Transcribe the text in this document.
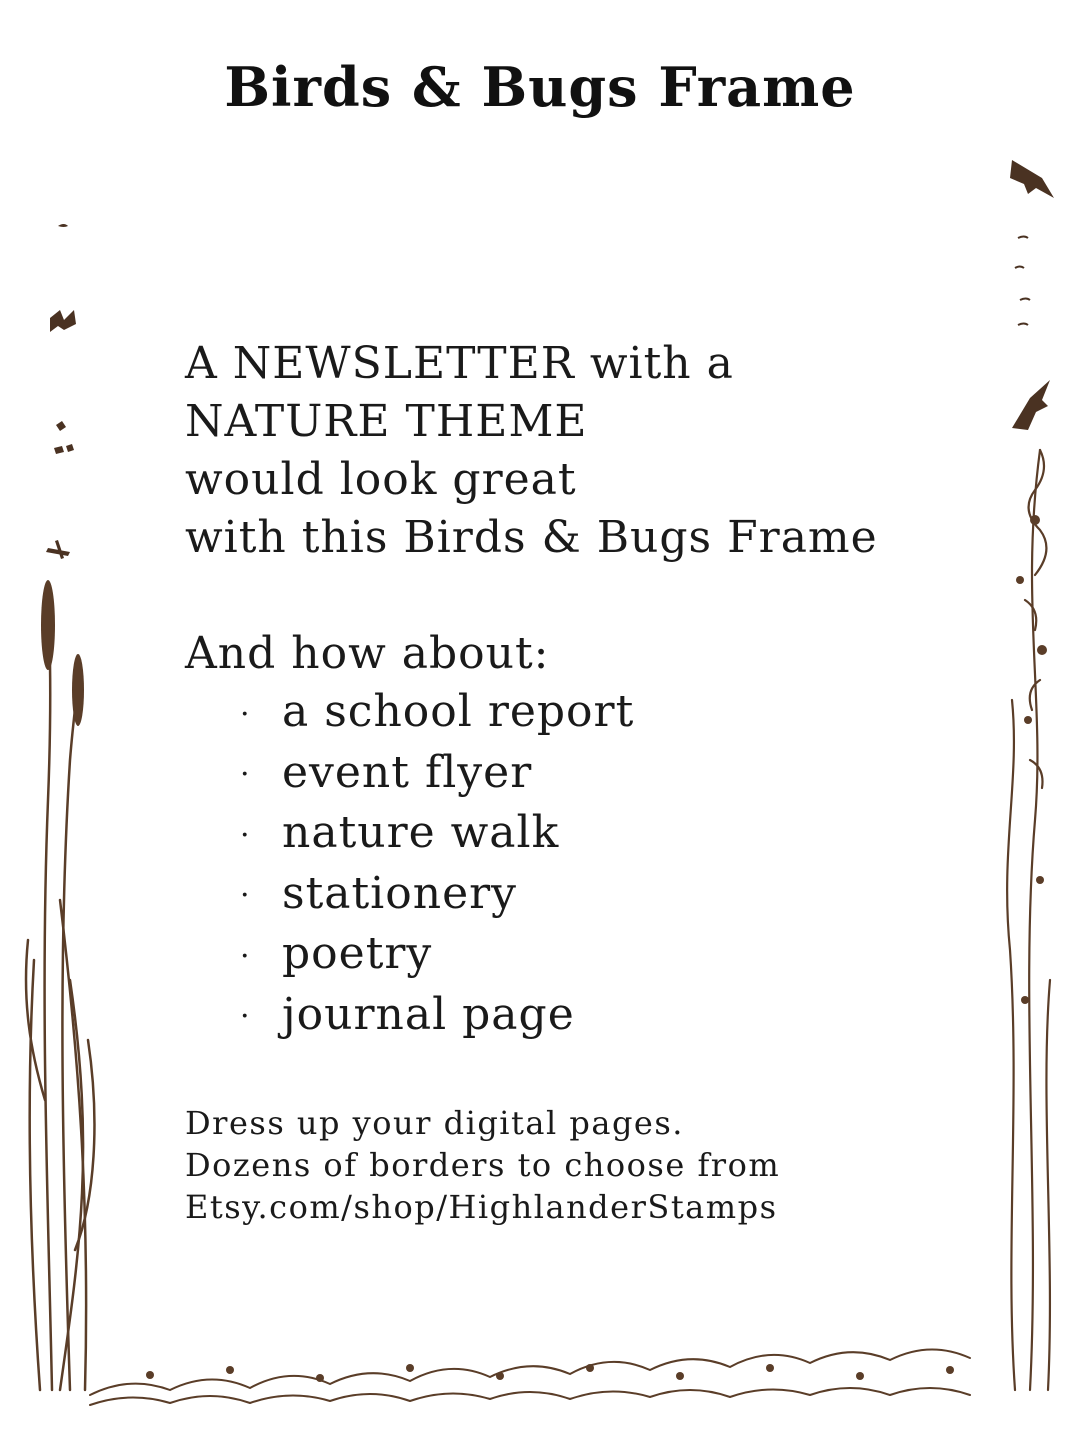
Birds & Bugs Frame
A NEWSLETTER with a
NATURE THEME
would look great
with this Birds & Bugs Frame
And how about:
· a school report
· event flyer
· nature walk
· stationery
· poetry
· journal page
Dress up your digital pages.
Dozens of borders to choose from
Etsy.com/shop/HighlanderStamps
